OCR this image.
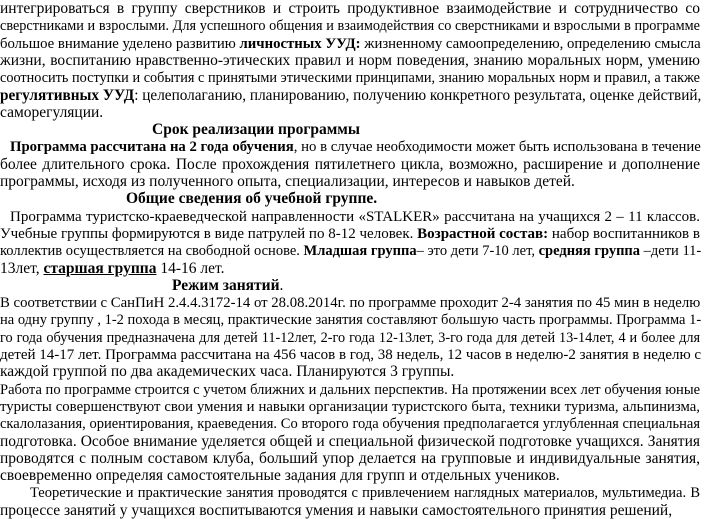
интегрироваться в группу сверстников и строить продуктивное взаимодействие и сотрудничество со
сверстниками и взрослыми. Для успешного общения и взаимодействия со сверстниками и взрослыми в программе
большое внимание уделено развитию личностных УУД: жизненному самоопределению, определению смысла
жизни, воспитанию нравственно-этических правил и норм поведения, знанию моральных норм, умению
соотносить поступки и события с принятыми этическими принципами, знанию моральных норм и правил, а также
регулятивных УУД: целеполаганию, планированию, получению конкретного результата, оценке действий,
саморегуляции.
Срок реализации программы
Программа рассчитана на 2 года обучения, но в случае необходимости может быть использована в течение
более длительного срока. После прохождения пятилетнего цикла, возможно, расширение и дополнение
программы, исходя из полученного опыта, специализации, интересов и навыков детей.
Общие сведения об учебной группе.
Программа туристско-краеведческой направленности «STALKER» рассчитана на учащихся 2 – 11 классов.
Учебные группы формируются в виде патрулей по 8-12 человек. Возрастной состав: набор воспитанников в
коллектив осуществляется на свободной основе. Младшая группа– это дети 7-10 лет, средняя группа –дети 11-
13лет, старшая группа 14-16 лет.
Режим занятий.
В соответствии с СанПиН 2.4.4.3172-14 от 28.08.2014г. по программе проходит 2-4 занятия по 45 мин в неделю
на одну группу , 1-2 похода в месяц, практические занятия составляют большую часть программы. Программа 1-
го года обучения предназначена для детей 11-12лет, 2-го года 12-13лет, 3-го года для детей 13-14лет, 4 и более для
детей 14-17 лет. Программа рассчитана на 456 часов в год, 38 недель, 12 часов в неделю-2 занятия в неделю с
каждой группой по два академических часа. Планируются 3 группы.
Работа по программе строится с учетом ближних и дальних перспектив. На протяжении всех лет обучения юные
туристы совершенствуют свои умения и навыки организации туристского быта, техники туризма, альпинизма,
скалолазания, ориентирования, краеведения. Со второго года обучения предполагается углубленная специальная
подготовка. Особое внимание уделяется общей и специальной физической подготовке учащихся. Занятия
проводятся с полным составом клуба, больший упор делается на групповые и индивидуальные занятия,
своевременно определяя самостоятельные задания для групп и отдельных учеников.
Теоретические и практические занятия проводятся с привлечением наглядных материалов, мультимедиа. В
процессе занятий у учащихся воспитываются умения и навыки самостоятельного принятия решений,
